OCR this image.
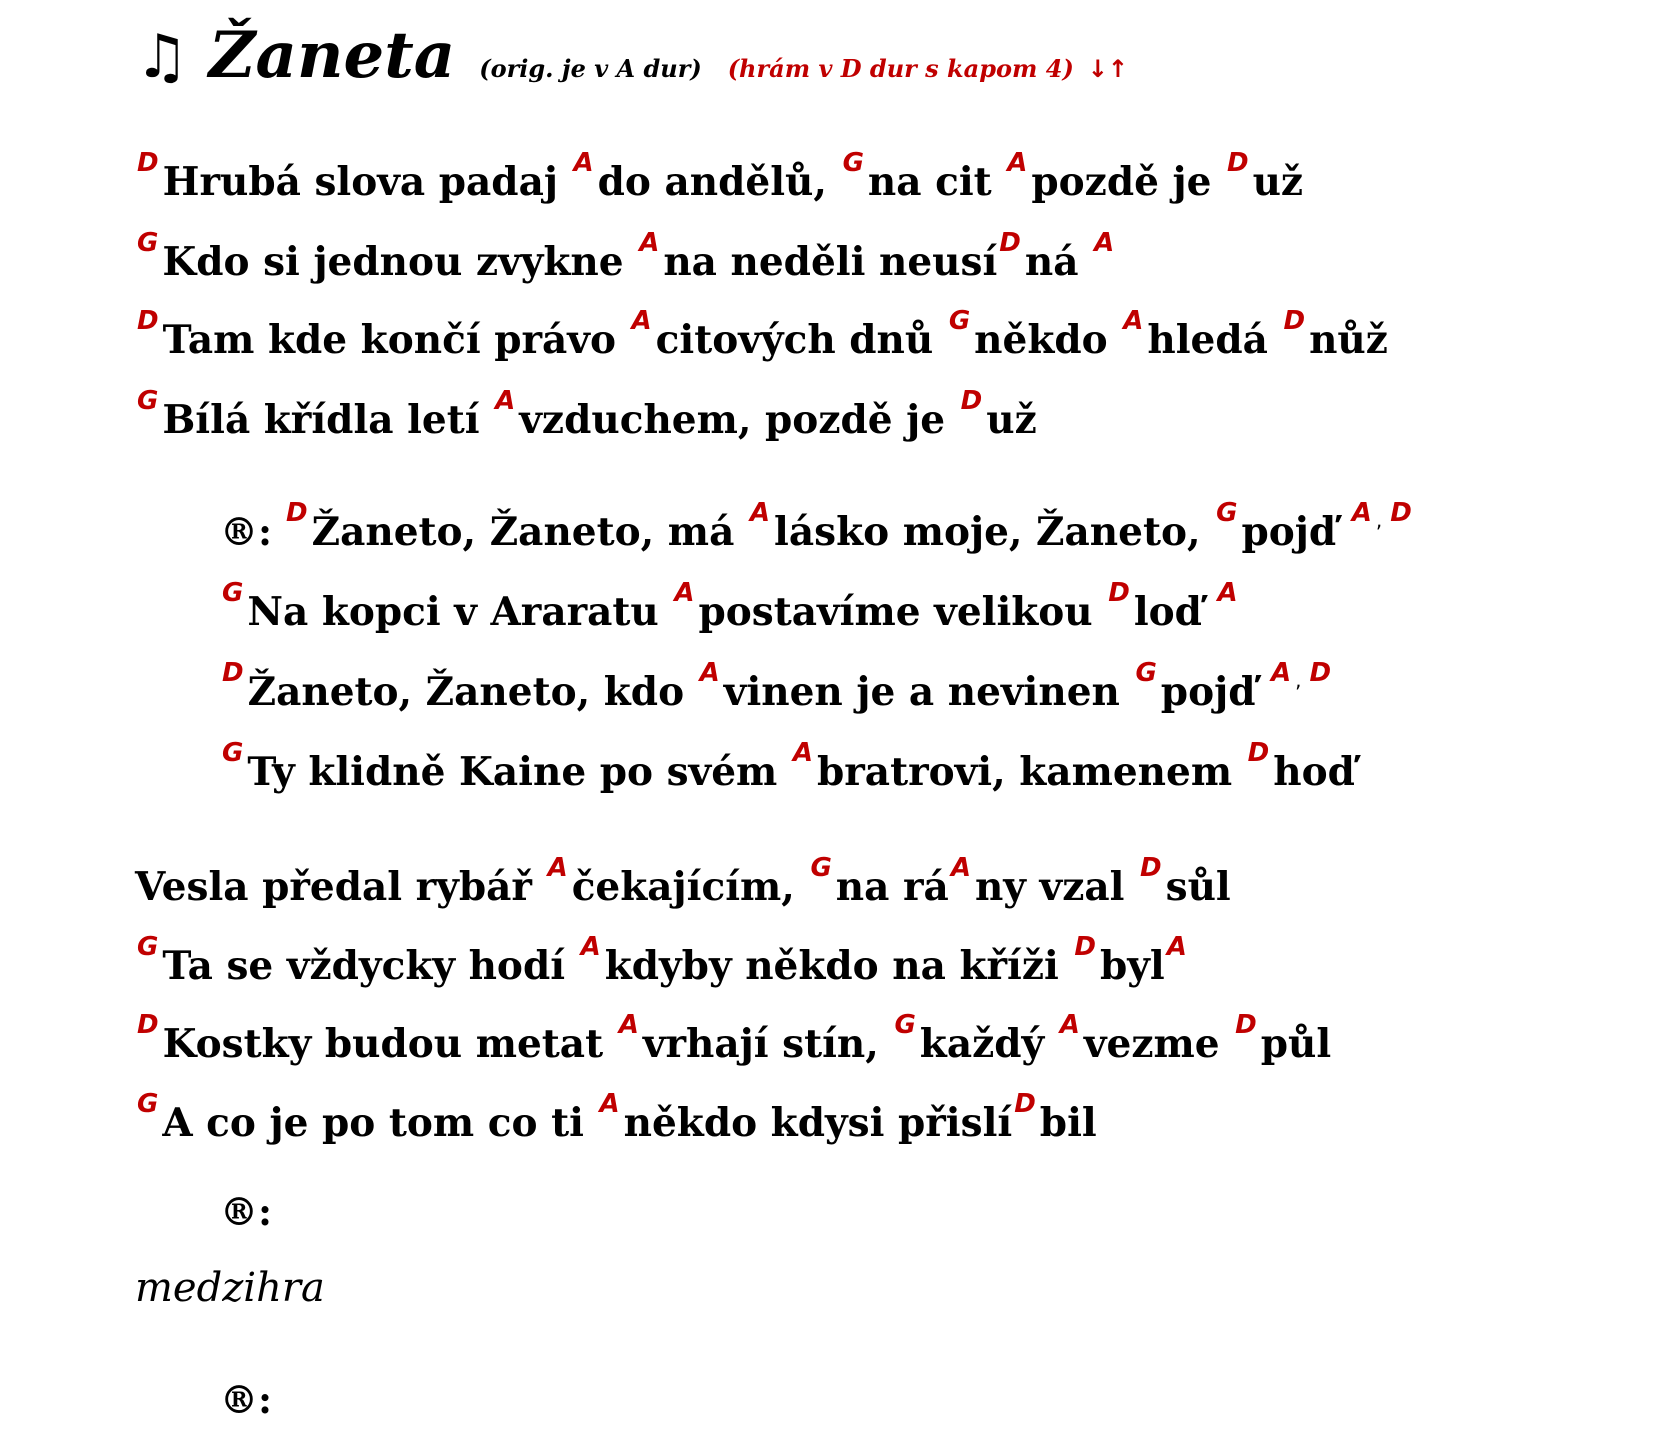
♫ Žaneta (orig. je v A dur) (hrám v D dur s kapom 4) ↓↑
$^D$ Hrubá slova padaj $^A$ do andělů, $^G$ na cit $^A$ pozdě je $^D$ už
$^G$ Kdo si jednou zvykne $^A$ na neděli neusí$^D$ ná $^A$
$^D$ Tam kde končí právo $^A$ citových dnů $^G$ někdo $^A$ hledá $^D$ nůž
$^G$ Bílá křídla letí $^A$ vzduchem, pozdě je $^D$ už
®: $^D$ Žaneto, Žaneto, má $^A$ lásko moje, Žaneto, $^G$ pojď $^A$ , $^D$
$^G$ Na kopci v Araratu $^A$ postavíme velikou $^D$ loď $^A$
$^D$ Žaneto, Žaneto, kdo $^A$ vinen je a nevinen $^G$ pojď $^A$ , $^D$
$^G$ Ty klidně Kaine po svém $^A$ bratrovi, kamenem $^D$ hoď
Vesla předal rybář $^A$ čekajícím, $^G$ na $rá^A$ ny vzal $^D$ sůl
$^G$ Ta se vždycky hodí $^A$ kdyby někdo na kříži $^D$ byl$^A$
$^D$ Kostky budou metat $^A$ vrhají stín, $^G$ každý $^A$ vezme $^D$ půl
$^G$ A co je po tom co ti $^A$ někdo kdysi přislí$^D$ bil
®:
medzihra
®:
